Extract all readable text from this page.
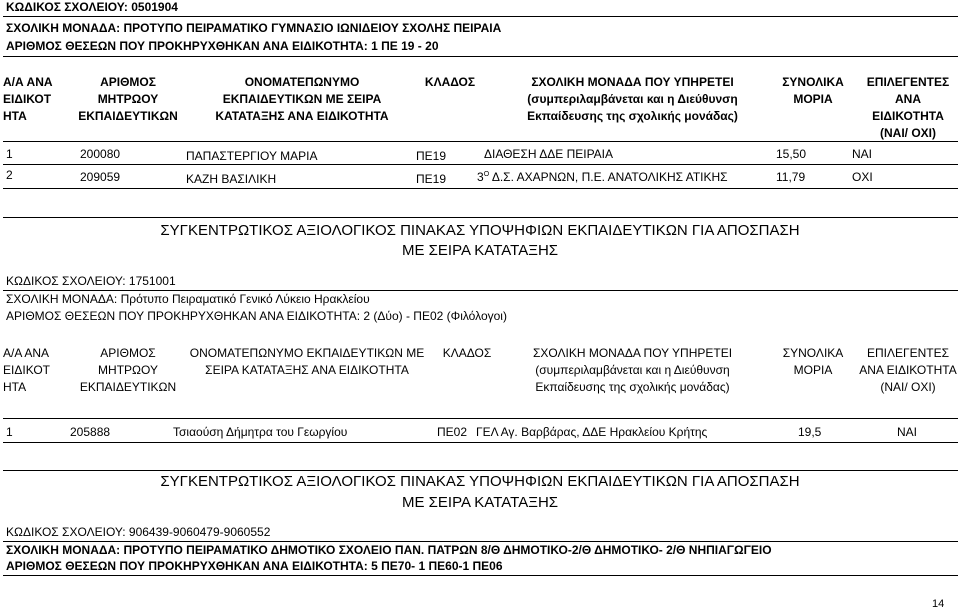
ΚΩΔΙΚΟΣ ΣΧΟΛΕΙΟΥ: 0501904
ΣΧΟΛΙΚΗ ΜΟΝΑΔΑ: ΠΡΟΤΥΠΟ ΠΕΙΡΑΜΑΤΙΚΟ ΓΥΜΝΑΣΙΟ ΙΩΝΙΔΕΙΟΥ ΣΧΟΛΗΣ ΠΕΙΡΑΙΑ
ΑΡΙΘΜΟΣ ΘΕΣΕΩΝ ΠΟΥ ΠΡΟΚΗΡΥΧΘΗΚΑΝ ΑΝΑ ΕΙΔΙΚΟΤΗΤΑ: 1 ΠΕ 19 - 20
Α/Α ΑΝΑ ΕΙΔΙΚΟΤ ΗΤΑ
ΑΡΙΘΜΟΣ ΜΗΤΡΩΟΥ ΕΚΠΑΙΔΕΥΤΙΚΩΝ
ΟΝΟΜΑΤΕΠΩΝΥΜΟ ΕΚΠΑΙΔΕΥΤΙΚΩΝ ΜΕ ΣΕΙΡΑ ΚΑΤΑΤΑΞΗΣ ΑΝΑ ΕΙΔΙΚΟΤΗΤΑ
ΚΛΑΔΟΣ	ΣΧΟΛΙΚΗ ΜΟΝΑΔΑ ΠΟΥ ΥΠΗΡΕΤΕΙ (συμπεριλαμβάνεται και η Διεύθυνση Εκπαίδευσης της σχολικής μονάδας)
ΣΥΝΟΛΙΚΑ ΜΟΡΙΑ
ΕΠΙΛΕΓΕΝΤΕΣ ΑΝΑ ΕΙΔΙΚΟΤΗΤΑ (ΝΑΙ/ ΟΧΙ)
1	200080	ΠΑΠΑΣΤΕΡΓΙΟΥ ΜΑΡΙΑ	ΠΕ19	ΔΙΑΘΕΣΗ ΔΔΕ ΠΕΙΡΑΙΑ	15,50	ΝΑΙ
2	209059	ΚΑΖΗ ΒΑΣΙΛΙΚΗ	ΠΕ19	$3^O$ Δ.Σ. ΑΧΑΡΝΩΝ, Π.Ε. ΑΝΑΤΟΛΙΚΗΣ ΑΤΙΚΗΣ	11,79	ΟΧΙ
ΣΥΓΚΕΝΤΡΩΤΙΚΟΣ ΑΞΙΟΛΟΓΙΚΟΣ ΠΙΝΑΚΑΣ ΥΠΟΨΗΦΙΩΝ ΕΚΠΑΙΔΕΥΤΙΚΩΝ ΓΙΑ ΑΠΟΣΠΑΣΗ
ΜΕ ΣΕΙΡΑ ΚΑΤΑΤΑΞΗΣ
ΚΩΔΙΚΟΣ ΣΧΟΛΕΙΟΥ: 1751001
ΣΧΟΛΙΚΗ ΜΟΝΑΔΑ: Πρότυπο Πειραματικό Γενικό Λύκειο Ηρακλείου
ΑΡΙΘΜΟΣ ΘΕΣΕΩΝ ΠΟΥ ΠΡΟΚΗΡΥΧΘΗΚΑΝ ΑΝΑ ΕΙΔΙΚΟΤΗΤΑ: 2 (Δύο) - ΠΕ02 (Φιλόλογοι)
Α/Α ΑΝΑ ΕΙΔΙΚΟΤ ΗΤΑ
ΑΡΙΘΜΟΣ ΜΗΤΡΩΟΥ ΕΚΠΑΙΔΕΥΤΙΚΩΝ
ΟΝΟΜΑΤΕΠΩΝΥΜΟ ΕΚΠΑΙΔΕΥΤΙΚΩΝ ΜΕ ΣΕΙΡΑ ΚΑΤΑΤΑΞΗΣ ΑΝΑ ΕΙΔΙΚΟΤΗΤΑ
ΚΛΑΔΟΣ	ΣΧΟΛΙΚΗ ΜΟΝΑΔΑ ΠΟΥ ΥΠΗΡΕΤΕΙ (συμπεριλαμβάνεται και η Διεύθυνση Εκπαίδευσης της σχολικής μονάδας)
ΣΥΝΟΛΙΚΑ ΜΟΡΙΑ
ΕΠΙΛΕΓΕΝΤΕΣ ΑΝΑ ΕΙΔΙΚΟΤΗΤΑ (ΝΑΙ/ ΟΧΙ)
1	205888	Τσιαούση Δήμητρα του Γεωργίου	ΠΕ02 ΓΕΛ Αγ. Βαρβάρας, ΔΔΕ Ηρακλείου Κρήτης	19,5	ΝΑΙ
ΣΥΓΚΕΝΤΡΩΤΙΚΟΣ ΑΞΙΟΛΟΓΙΚΟΣ ΠΙΝΑΚΑΣ ΥΠΟΨΗΦΙΩΝ ΕΚΠΑΙΔΕΥΤΙΚΩΝ ΓΙΑ ΑΠΟΣΠΑΣΗ
ΜΕ ΣΕΙΡΑ ΚΑΤΑΤΑΞΗΣ
ΚΩΔΙΚΟΣ ΣΧΟΛΕΙΟΥ: 906439-9060479-9060552
ΣΧΟΛΙΚΗ ΜΟΝΑΔΑ: ΠΡΟΤΥΠΟ ΠΕΙΡΑΜΑΤΙΚΟ ΔΗΜΟΤΙΚΟ ΣΧΟΛΕΙΟ ΠΑΝ. ΠΑΤΡΩΝ 8/Θ ΔΗΜΟΤΙΚΟ-2/Θ ΔΗΜΟΤΙΚΟ- 2/Θ ΝΗΠΙΑΓΩΓΕΙΟ
ΑΡΙΘΜΟΣ ΘΕΣΕΩΝ ΠΟΥ ΠΡΟΚΗΡΥΧΘΗΚΑΝ ΑΝΑ ΕΙΔΙΚΟΤΗΤΑ: 5 ΠΕ70- 1 ΠΕ60-1 ΠΕ06
14
